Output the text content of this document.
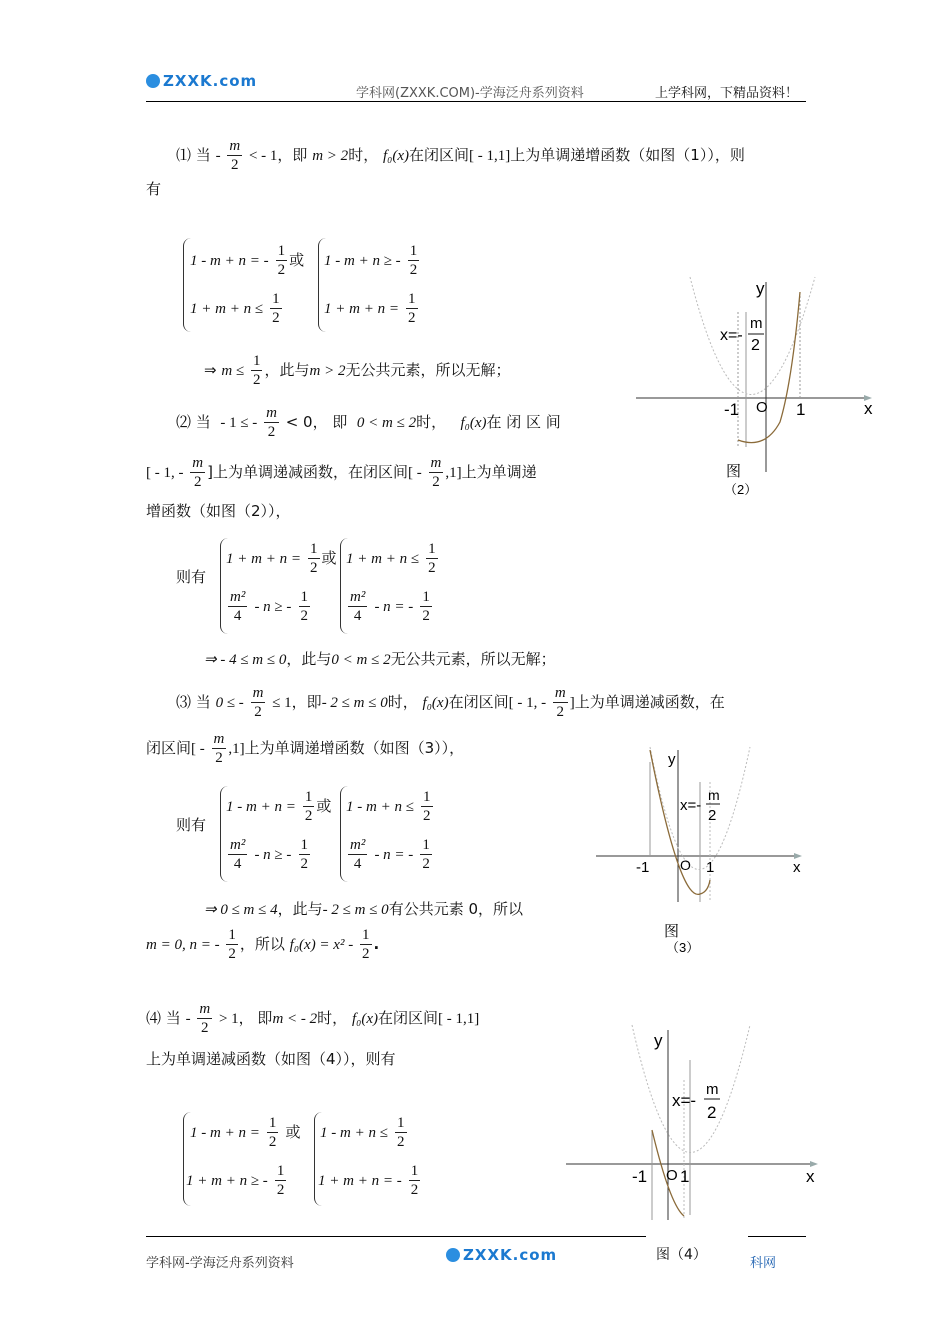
ZXXK.com
学科网(ZXXK.COM)-学海泛舟系列资料	上学科网，下精品资料！
⑴ 当 - $\frac{m}{2}$ < - 1，即 m > 2时， f₀(x)在闭区间[ - 1,1]上为单调递增函数（如图（1）），则
有
1 - m + n = - $\frac{1}{2}$ 或
$1 + m + n \le \frac{1}{2}$
1 - m + n ≥ - $\frac{1}{2}$
$1 + m + n = \frac{1}{2}$
⇒ $m \le \frac{1}{2}$ ，此与m > 2无公共元素，所以无解；
⑵ 当 - 1 ≤ - $\frac{m}{2} < 0$， 即 0 < m ≤ 2时， f₀(x)在 闭 区 间
[ - 1, - $\frac{m}{2}$ ]上为单调递减函数，在闭区间[ - $\frac{m}{2} ,1$]上为单调递
增函数（如图（2）），
则有
$1 + m + n = \frac{1}{2}$ 或
$\frac{\text{m²}}{4}$ - n ≥ - $\frac{1}{2}$
$1 + m + n \le \frac{1}{2}$
$\frac{\text{m²}}{4}$ - n = - $\frac{1}{2}$
⇒ - 4 ≤ m ≤ 0，此与0 < m ≤ 2无公共元素，所以无解；
⑶ 当 0 ≤ - $\frac{m}{2} \le 1$，即- 2 ≤ m ≤ 0时， f₀(x)在闭区间[ - 1, - $\frac{m}{2}$ ]上为单调递减函数，在
闭区间[ - $\frac{m}{2} ,1$]上为单调递增函数（如图（3）），
则有
$1 - m + n = \frac{1}{2}$ 或
$\frac{\text{m²}}{4}$ - n ≥ - $\frac{1}{2}$
$1 - m + n \le \frac{1}{2}$
$\frac{\text{m²}}{4}$ - n = - $\frac{1}{2}$
⇒ 0 ≤ m ≤ 4，此与- 2 ≤ m ≤ 0有公共元素 0，所以
m = 0, n = - $\frac{1}{2}$ ，所以 $f_0(x) = x^2 - \frac{1}{2}$ .
⑷ 当 - $\frac{m}{2} > 1$， 即m < - 2时， f₀(x)在闭区间[ - 1,1]
上为单调递减函数（如图（4）），则有
$1 - m + n = \frac{1}{2}$ 或
1 + m + n ≥ - $\frac{1}{2}$
$1 - m + n \le \frac{1}{2}$
1 + m + n = - $\frac{1}{2}$
y
x
O
-1	1
x=-
m
2
图
（2）
y
x
O
-1	1
x=-
m
2
图
（3）
y
x
O
-1 1
x=-
m
2
图（4）
学科网-学海泛舟系列资料	ZXXK.com	科网
